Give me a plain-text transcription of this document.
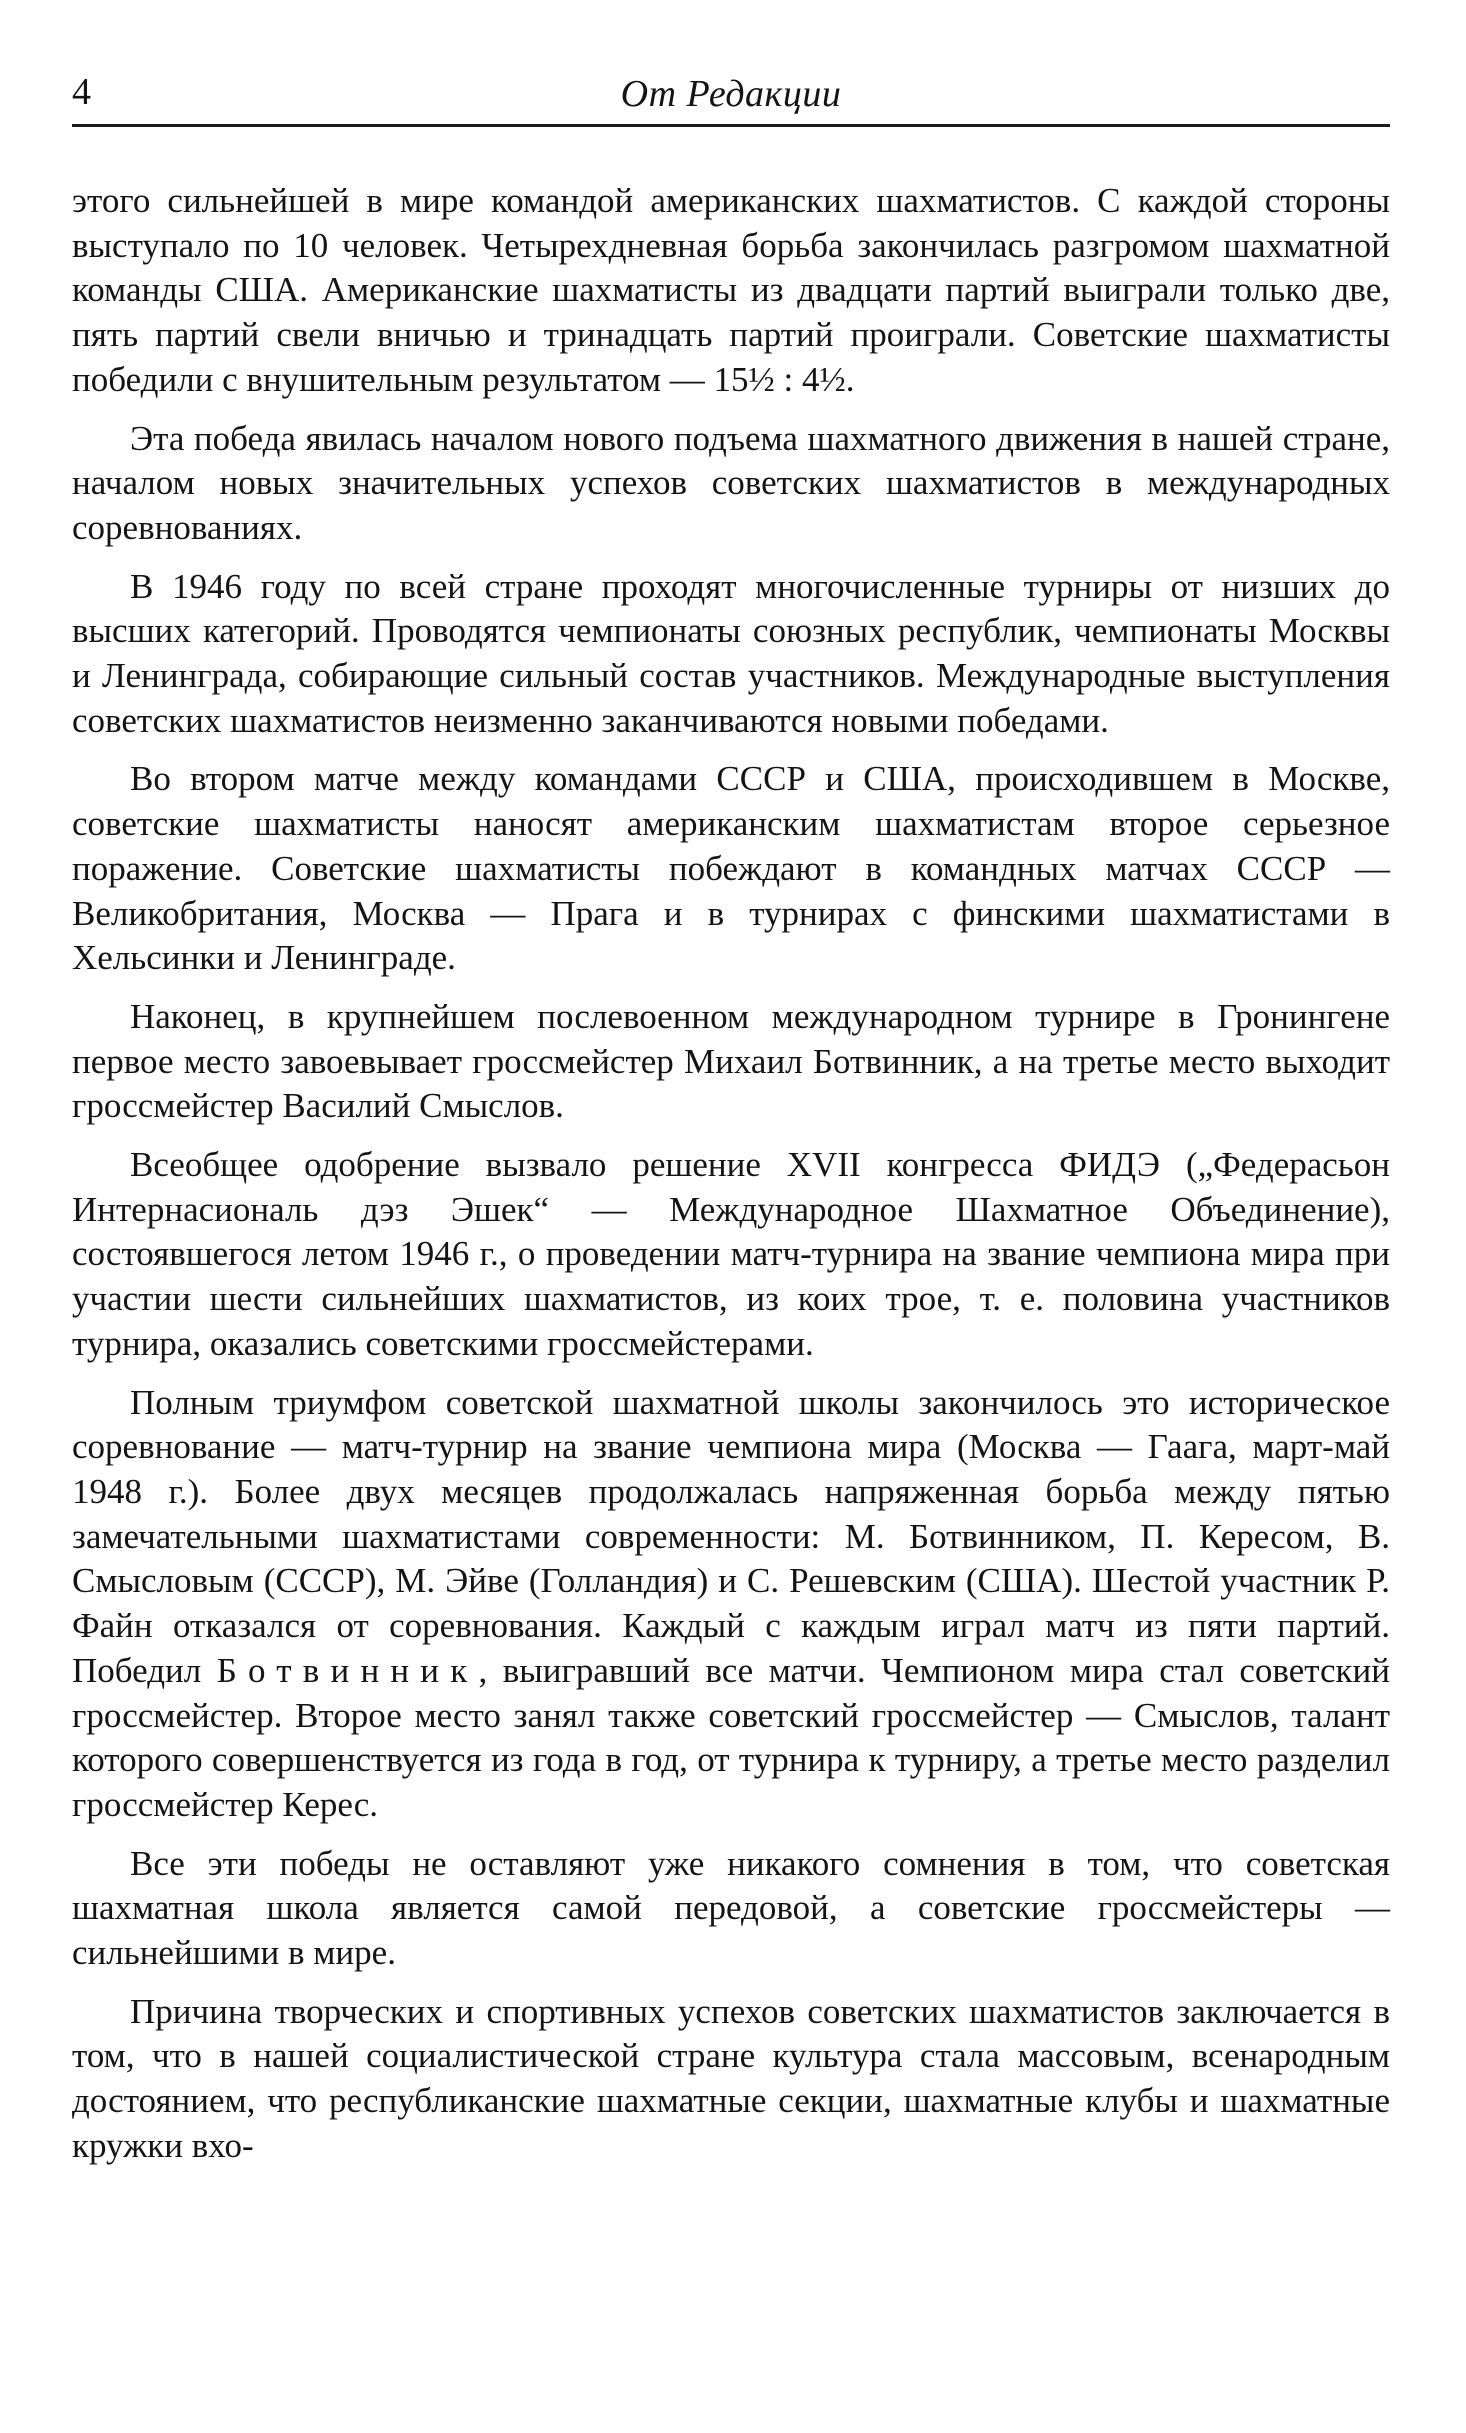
4	От Редакции

этого сильнейшей в мире командой американских шахматистов. С каждой стороны выступало по 10 человек. Четырехдневная борьба закончилась разгромом шахматной команды США. Американские шахматисты из двадцати партий выиграли только две, пять партий свели вничью и тринадцать партий проиграли. Советские шахматисты победили с внушительным результатом — 15½ : 4½.

Эта победа явилась началом нового подъема шахматного движения в нашей стране, началом новых значительных успехов советских шахматистов в международных соревнованиях.

В 1946 году по всей стране проходят многочисленные турниры от низших до высших категорий. Проводятся чемпионаты союзных республик, чемпионаты Москвы и Ленинграда, собирающие сильный состав участников. Международные выступления советских шахматистов неизменно заканчиваются новыми победами.

Во втором матче между командами СССР и США, происходившем в Москве, советские шахматисты наносят американским шахматистам второе серьезное поражение. Советские шахматисты побеждают в командных матчах СССР — Великобритания, Москва — Прага и в турнирах с финскими шахматистами в Хельсинки и Ленинграде.

Наконец, в крупнейшем послевоенном международном турнире в Гронингене первое место завоевывает гроссмейстер Михаил Ботвинник, а на третье место выходит гроссмейстер Василий Смыслов.

Всеобщее одобрение вызвало решение XVII конгресса ФИДЭ („Федерасьон Интернасиональ дэз Эшек“ — Международное Шахматное Объединение), состоявшегося летом 1946 г., о проведении матч-турнира на звание чемпиона мира при участии шести сильнейших шахматистов, из коих трое, т. е. половина участников турнира, оказались советскими гроссмейстерами.

Полным триумфом советской шахматной школы закончилось это историческое соревнование — матч-турнир на звание чемпиона мира (Москва — Гаага, март-май 1948 г.). Более двух месяцев продолжалась напряженная борьба между пятью замечательными шахматистами современности: М. Ботвинником, П. Кересом, В. Смысловым (СССР), М. Эйве (Голландия) и С. Решевским (США). Шестой участник Р. Файн отказался от соревнования. Каждый с каждым играл матч из пяти партий. Победил Ботвинник, выигравший все матчи. Чемпионом мира стал советский гроссмейстер. Второе место занял также советский гроссмейстер — Смыслов, талант которого совершенствуется из года в год, от турнира к турниру, а третье место разделил гроссмейстер Керес.

Все эти победы не оставляют уже никакого сомнения в том, что советская шахматная школа является самой передовой, а советские гроссмейстеры — сильнейшими в мире.

Причина творческих и спортивных успехов советских шахматистов заключается в том, что в нашей социалистической стране культура стала массовым, всенародным достоянием, что республиканские шахматные секции, шахматные клубы и шахматные кружки вхо-
